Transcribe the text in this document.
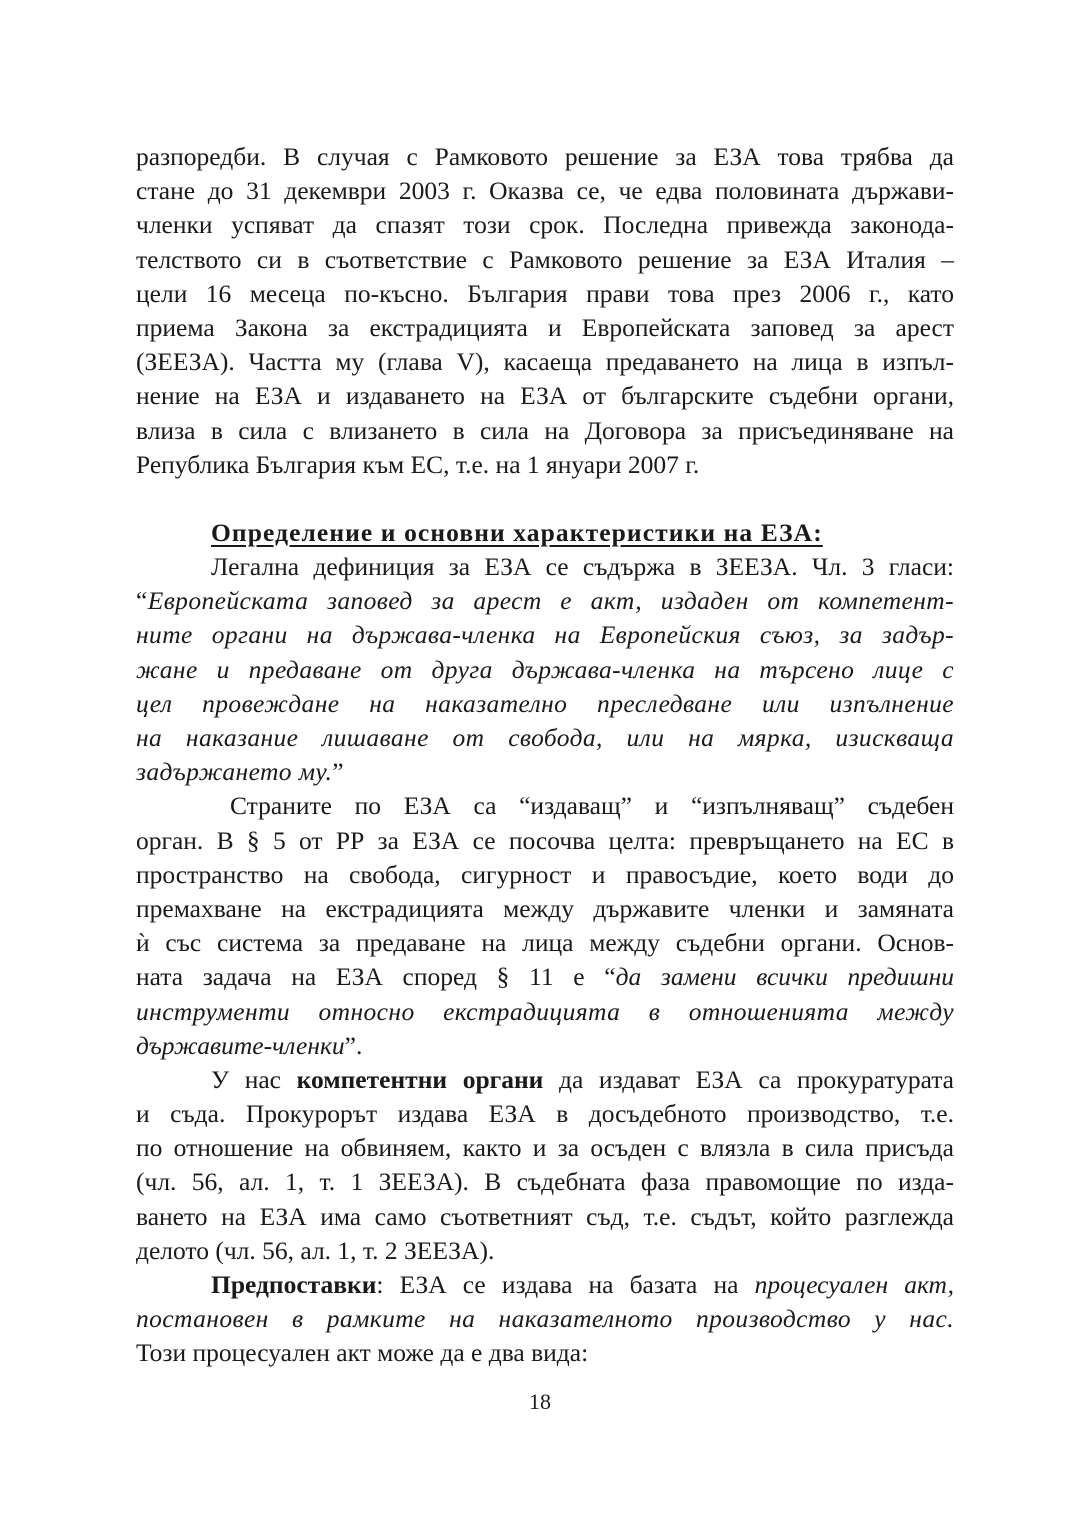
разпоредби. В случая с Рамковото решение за ЕЗА това трябва да
стане до 31 декември 2003 г. Оказва се, че едва половината държави-
членки успяват да спазят този срок. Последна привежда законода-
телството си в съответствие с Рамковото решение за ЕЗА Италия –
цели 16 месеца по-късно. България прави това през 2006 г., като
приема Закона за екстрадицията и Европейската заповед за арест
(ЗЕЕЗА). Частта му (глава V), касаеща предаването на лица в изпъл-
нение на ЕЗА и издаването на ЕЗА от българските съдебни органи,
влиза в сила с влизането в сила на Договора за присъединяване на
Република България към ЕС, т.е. на 1 януари 2007 г.
Определение и основни характеристики на ЕЗА:
Легална дефиниция за ЕЗА се съдържа в ЗЕЕЗА. Чл. 3 гласи:
“Европейската заповед за арест е акт, издаден от компетент-
ните органи на държава-членка на Европейския съюз, за задър-
жане и предаване от друга държава-членка на търсено лице с
цел провеждане на наказателно преследване или изпълнение
на наказание лишаване от свобода, или на мярка, изискваща
задържането му.”
Страните по ЕЗА са “издаващ” и “изпълняващ” съдебен
орган. В § 5 от РР за ЕЗА се посочва целта: превръщането на ЕС в
пространство на свобода, сигурност и правосъдие, което води до
премахване на екстрадицията между държавите членки и замяната
ѝ със система за предаване на лица между съдебни органи. Основ-
ната задача на ЕЗА според § 11 е “да замени всички предишни
инструменти относно екстрадицията в отношенията между
държавите-членки”.
У нас компетентни органи да издават ЕЗА са прокуратурата
и съда. Прокурорът издава ЕЗА в досъдебното производство, т.е.
по отношение на обвиняем, както и за осъден с влязла в сила присъда
(чл. 56, ал. 1, т. 1 ЗЕЕЗА). В съдебната фаза правомощие по изда-
ването на ЕЗА има само съответният съд, т.е. съдът, който разглежда
делото (чл. 56, ал. 1, т. 2 ЗЕЕЗА).
Предпоставки: ЕЗА се издава на базата на процесуален акт,
постановен в рамките на наказателното производство у нас.
Този процесуален акт може да е два вида:
18
